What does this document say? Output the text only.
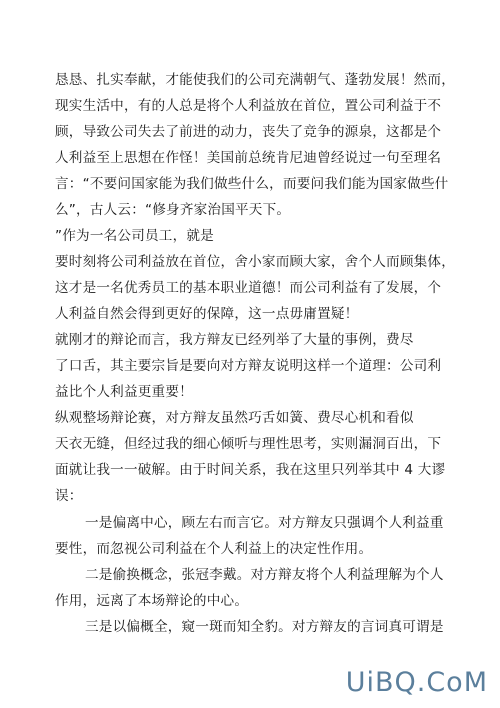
恳恳、扎实奉献，才能使我们的公司充满朝气、蓬勃发展！然而，
现实生活中，有的人总是将个人利益放在首位，置公司利益于不
顾，导致公司失去了前进的动力，丧失了竞争的源泉，这都是个
人利益至上思想在作怪！美国前总统肯尼迪曾经说过一句至理名
言：“不要问国家能为我们做些什么，而要问我们能为国家做些什
么”，古人云：“修身齐家治国平天下。
”作为一名公司员工，就是
要时刻将公司利益放在首位，舍小家而顾大家，舍个人而顾集体，
这才是一名优秀员工的基本职业道德！而公司利益有了发展，个
人利益自然会得到更好的保障，这一点毋庸置疑！
就刚才的辩论而言，我方辩友已经列举了大量的事例，费尽
了口舌，其主要宗旨是要向对方辩友说明这样一个道理：公司利
益比个人利益更重要！
纵观整场辩论赛，对方辩友虽然巧舌如簧、费尽心机和看似
天衣无缝，但经过我的细心倾听与理性思考，实则漏洞百出，下
面就让我一一破解。由于时间关系，我在这里只列举其中 4 大谬
误：
一是偏离中心，顾左右而言它。对方辩友只强调个人利益重
要性，而忽视公司利益在个人利益上的决定性作用。
二是偷换概念，张冠李戴。对方辩友将个人利益理解为个人
作用，远离了本场辩论的中心。
三是以偏概全，窥一斑而知全豹。对方辩友的言词真可谓是
UiBQ.CoM
